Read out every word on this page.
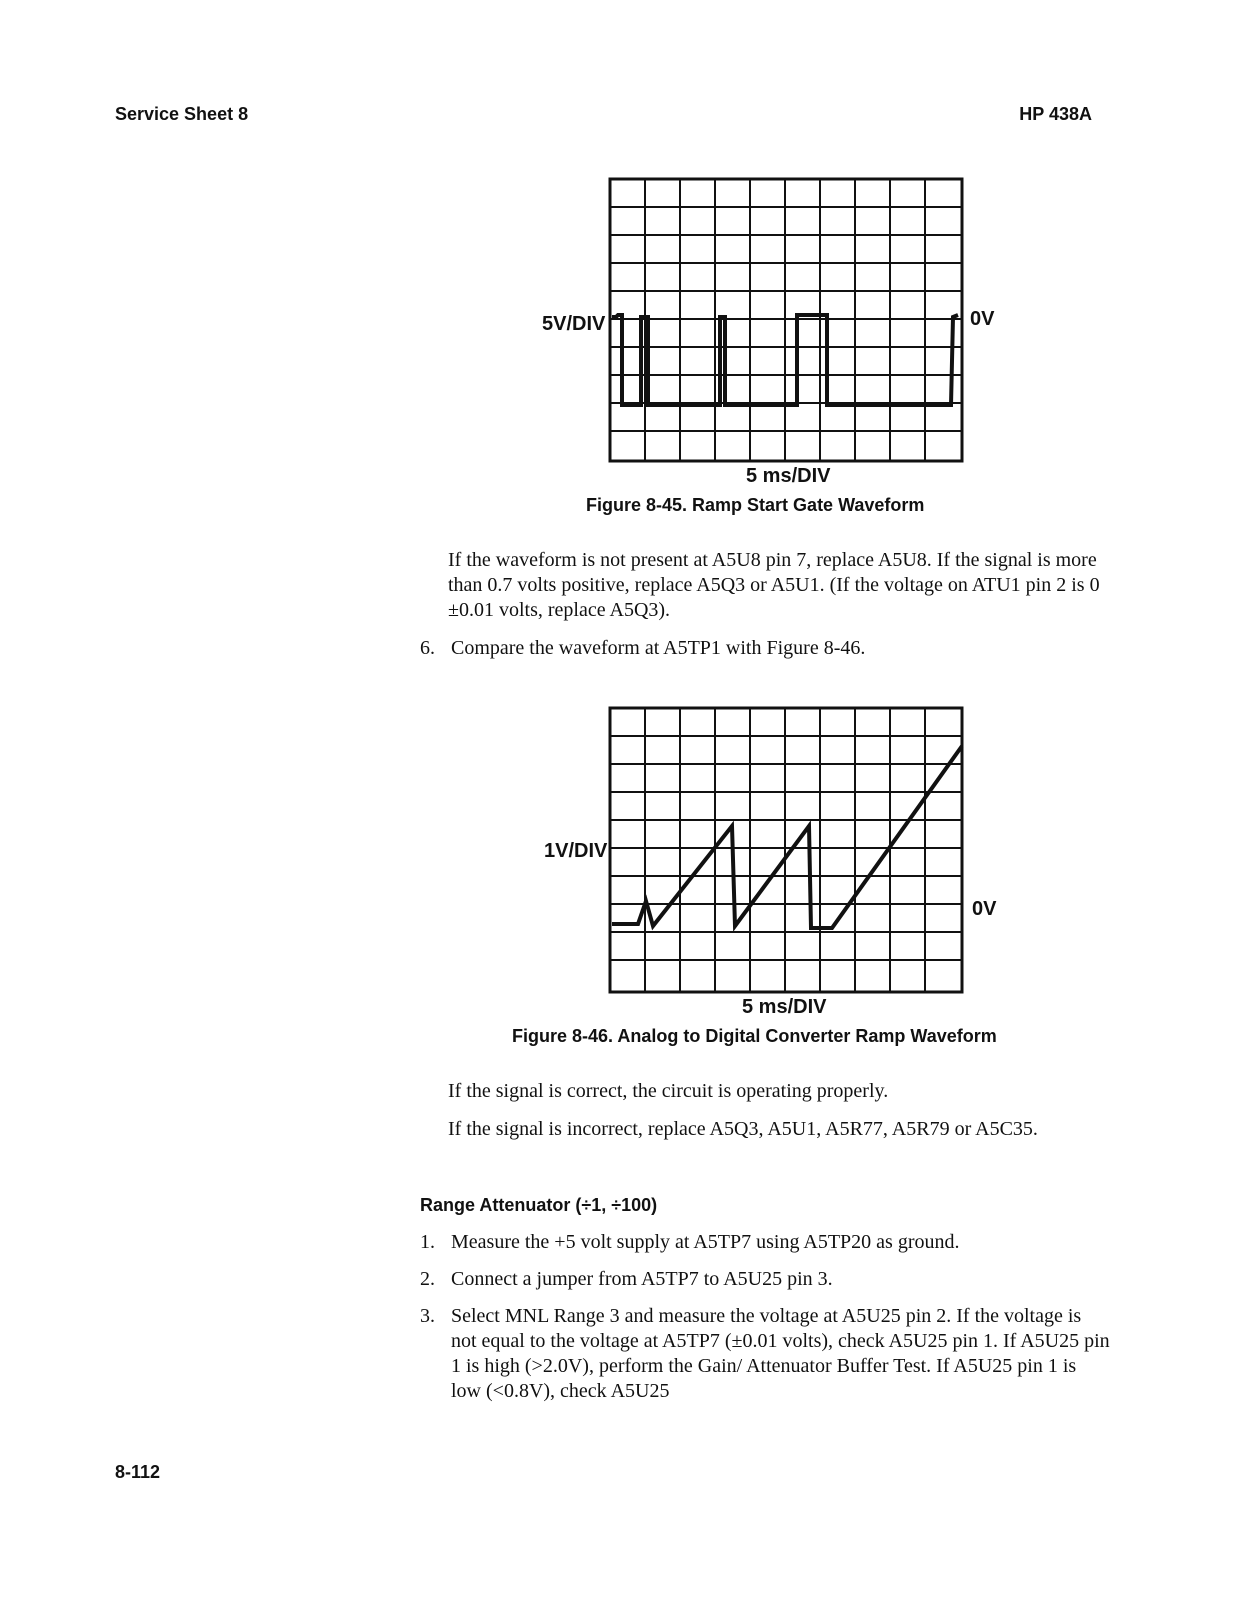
Service Sheet 8	HP 438A
5V/DIV	0V
5 ms/DIV
Figure 8-45. Ramp Start Gate Waveform

If the waveform is not present at A5U8 pin 7, replace A5U8. If the signal is more than 0.7 volts positive, replace A5Q3 or A5U1. (If the voltage on ATU1 pin 2 is 0 ±0.01 volts, replace A5Q3).

6. Compare the waveform at A5TP1 with Figure 8-46.
1V/DIV
0V
5 ms/DIV
Figure 8-46. Analog to Digital Converter Ramp Waveform

If the signal is correct, the circuit is operating properly.

If the signal is incorrect, replace A5Q3, A5U1, A5R77, A5R79 or A5C35.

Range Attenuator (÷1, ÷100)
1. Measure the +5 volt supply at A5TP7 using A5TP20 as ground.
2. Connect a jumper from A5TP7 to A5U25 pin 3.
3. Select MNL Range 3 and measure the voltage at A5U25 pin 2. If the voltage is not equal to the voltage at A5TP7 (±0.01 volts), check A5U25 pin 1. If A5U25 pin 1 is high (>2.0V), perform the Gain/ Attenuator Buffer Test. If A5U25 pin 1 is low (<0.8V), check A5U25
8-112
